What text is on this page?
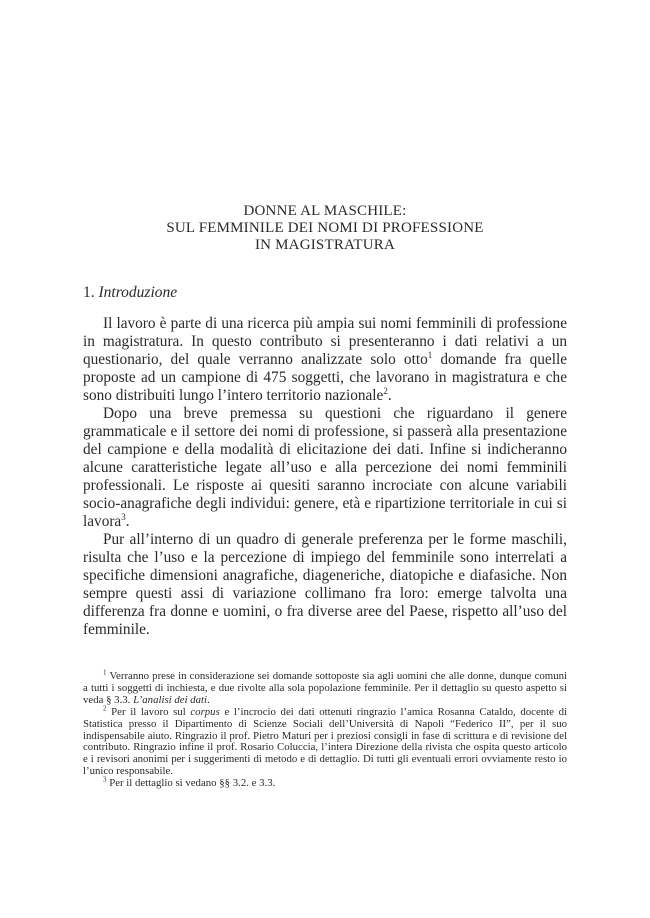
DONNE AL MASCHILE:
SUL FEMMINILE DEI NOMI DI PROFESSIONE
IN MAGISTRATURA
1. Introduzione

Il lavoro è parte di una ricerca più ampia sui nomi femminili di professione in magistratura. In questo contributo si presenteranno i dati relativi a un questionario, del quale verranno analizzate solo otto$^1$ domande fra quelle proposte ad un campione di 475 soggetti, che lavorano in magistratura e che sono distribuiti lungo l’intero territorio nazionale$^2$.

Dopo una breve premessa su questioni che riguardano il genere grammaticale e il settore dei nomi di professione, si passerà alla presentazione del campione e della modalità di elicitazione dei dati. Infine si indicheranno alcune caratteristiche legate all’uso e alla percezione dei nomi femminili professionali. Le risposte ai quesiti saranno incrociate con alcune variabili socio-anagrafiche degli individui: genere, età e ripartizione territoriale in cui si lavora$^3$.

Pur all’interno di un quadro di generale preferenza per le forme maschili, risulta che l’uso e la percezione di impiego del femminile sono interrelati a specifiche dimensioni anagrafiche, diageneriche, diatopiche e diafasiche. Non sempre questi assi di variazione collimano fra loro: emerge talvolta una differenza fra donne e uomini, o fra diverse aree del Paese, rispetto all’uso del femminile.

$^1$ Verranno prese in considerazione sei domande sottoposte sia agli uomini che alle donne, dunque comuni a tutti i soggetti di inchiesta, e due rivolte alla sola popolazione femminile. Per il dettaglio su questo aspetto si veda § 3.3. L’analisi dei dati.

$^2$ Per il lavoro sul corpus e l’incrocio dei dati ottenuti ringrazio l’amica Rosanna Cataldo, docente di Statistica presso il Dipartimento di Scienze Sociali dell’Università di Napoli “Federico II”, per il suo indispensabile aiuto. Ringrazio il prof. Pietro Maturi per i preziosi consigli in fase di scrittura e di revisione del contributo. Ringrazio infine il prof. Rosario Coluccia, l’intera Direzione della rivista che ospita questo articolo e i revisori anonimi per i suggerimenti di metodo e di dettaglio. Di tutti gli eventuali errori ovviamente resto io l’unico responsabile.

$^3$ Per il dettaglio si vedano §§ 3.2. e 3.3.
